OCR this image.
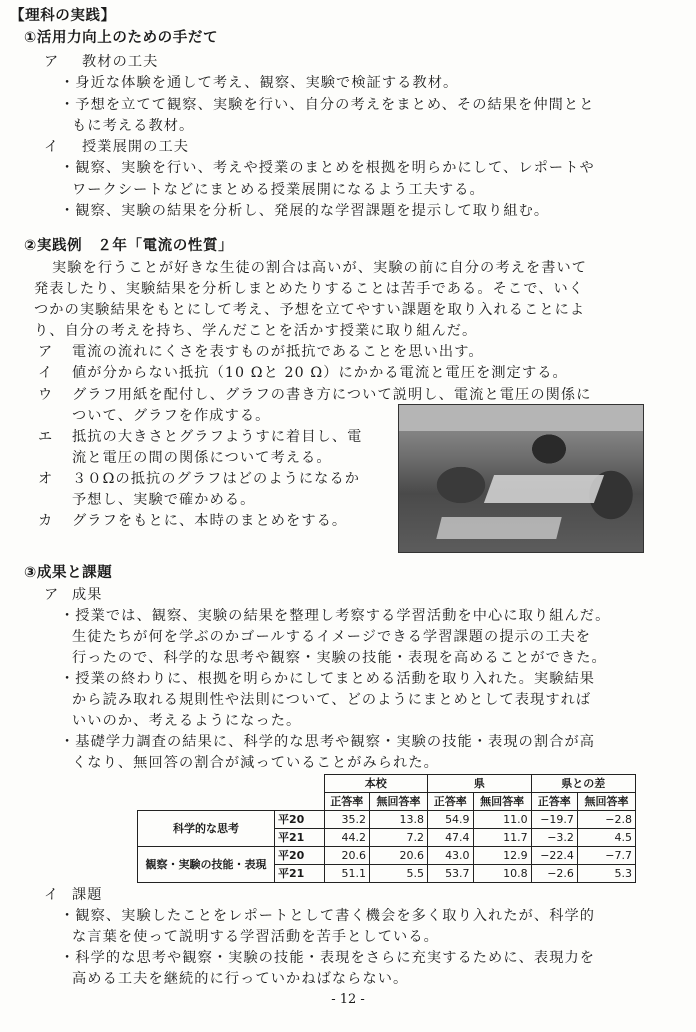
【理科の実践】
①活用力向上のための手だて
ア 教材の工夫
・身近な体験を通して考え、観察、実験で検証する教材。
・予想を立てて観察、実験を行い、自分の考えをまとめ、その結果を仲間とと
もに考える教材。
イ 授業展開の工夫
・観察、実験を行い、考えや授業のまとめを根拠を明らかにして、レポートや
ワークシートなどにまとめる授業展開になるよう工夫する。
・観察、実験の結果を分析し、発展的な学習課題を提示して取り組む。
②実践例　２年「電流の性質」
実験を行うことが好きな生徒の割合は高いが、実験の前に自分の考えを書いて
発表したり、実験結果を分析しまとめたりすることは苦手である。そこで、いく
つかの実験結果をもとにして考え、予想を立てやすい課題を取り入れることによ
り、自分の考えを持ち、学んだことを活かす授業に取り組んだ。
ア 電流の流れにくさを表すものが抵抗であることを思い出す。
イ 値が分からない抵抗（10 Ωと 20 Ω）にかかる電流と電圧を測定する。
ウ グラフ用紙を配付し、グラフの書き方について説明し、電流と電圧の関係に
ついて、グラフを作成する。
エ 抵抗の大きさとグラフようすに着目し、電
流と電圧の間の関係について考える。
オ ３０Ωの抵抗のグラフはどのようになるか
予想し、実験で確かめる。
カ グラフをもとに、本時のまとめをする。
③成果と課題
ア 成果
・授業では、観察、実験の結果を整理し考察する学習活動を中心に取り組んだ。
生徒たちが何を学ぶのかゴールするイメージできる学習課題の提示の工夫を
行ったので、科学的な思考や観察・実験の技能・表現を高めることができた。
・授業の終わりに、根拠を明らかにしてまとめる活動を取り入れた。実験結果
から読み取れる規則性や法則について、どのようにまとめとして表現すれば
いいのか、考えるようになった。
・基礎学力調査の結果に、科学的な思考や観察・実験の技能・表現の割合が高
くなり、無回答の割合が減っていることがみられた。
		本校		県		県との差	
		正答率	無回答率	正答率	無回答率	正答率	無回答率
科学的な思考	平20	35.2	13.8	54.9	11.0	−19.7	−2.8
	平21	44.2	7.2	47.4	11.7	−3.2	4.5
観察・実験の技能・表現	平20	20.6	20.6	43.0	12.9	−22.4	−7.7
	平21	51.1	5.5	53.7	10.8	−2.6	5.3
イ 課題
・観察、実験したことをレポートとして書く機会を多く取り入れたが、科学的
な言葉を使って説明する学習活動を苦手としている。
・科学的な思考や観察・実験の技能・表現をさらに充実するために、表現力を
高める工夫を継続的に行っていかねばならない。
- 12 -
